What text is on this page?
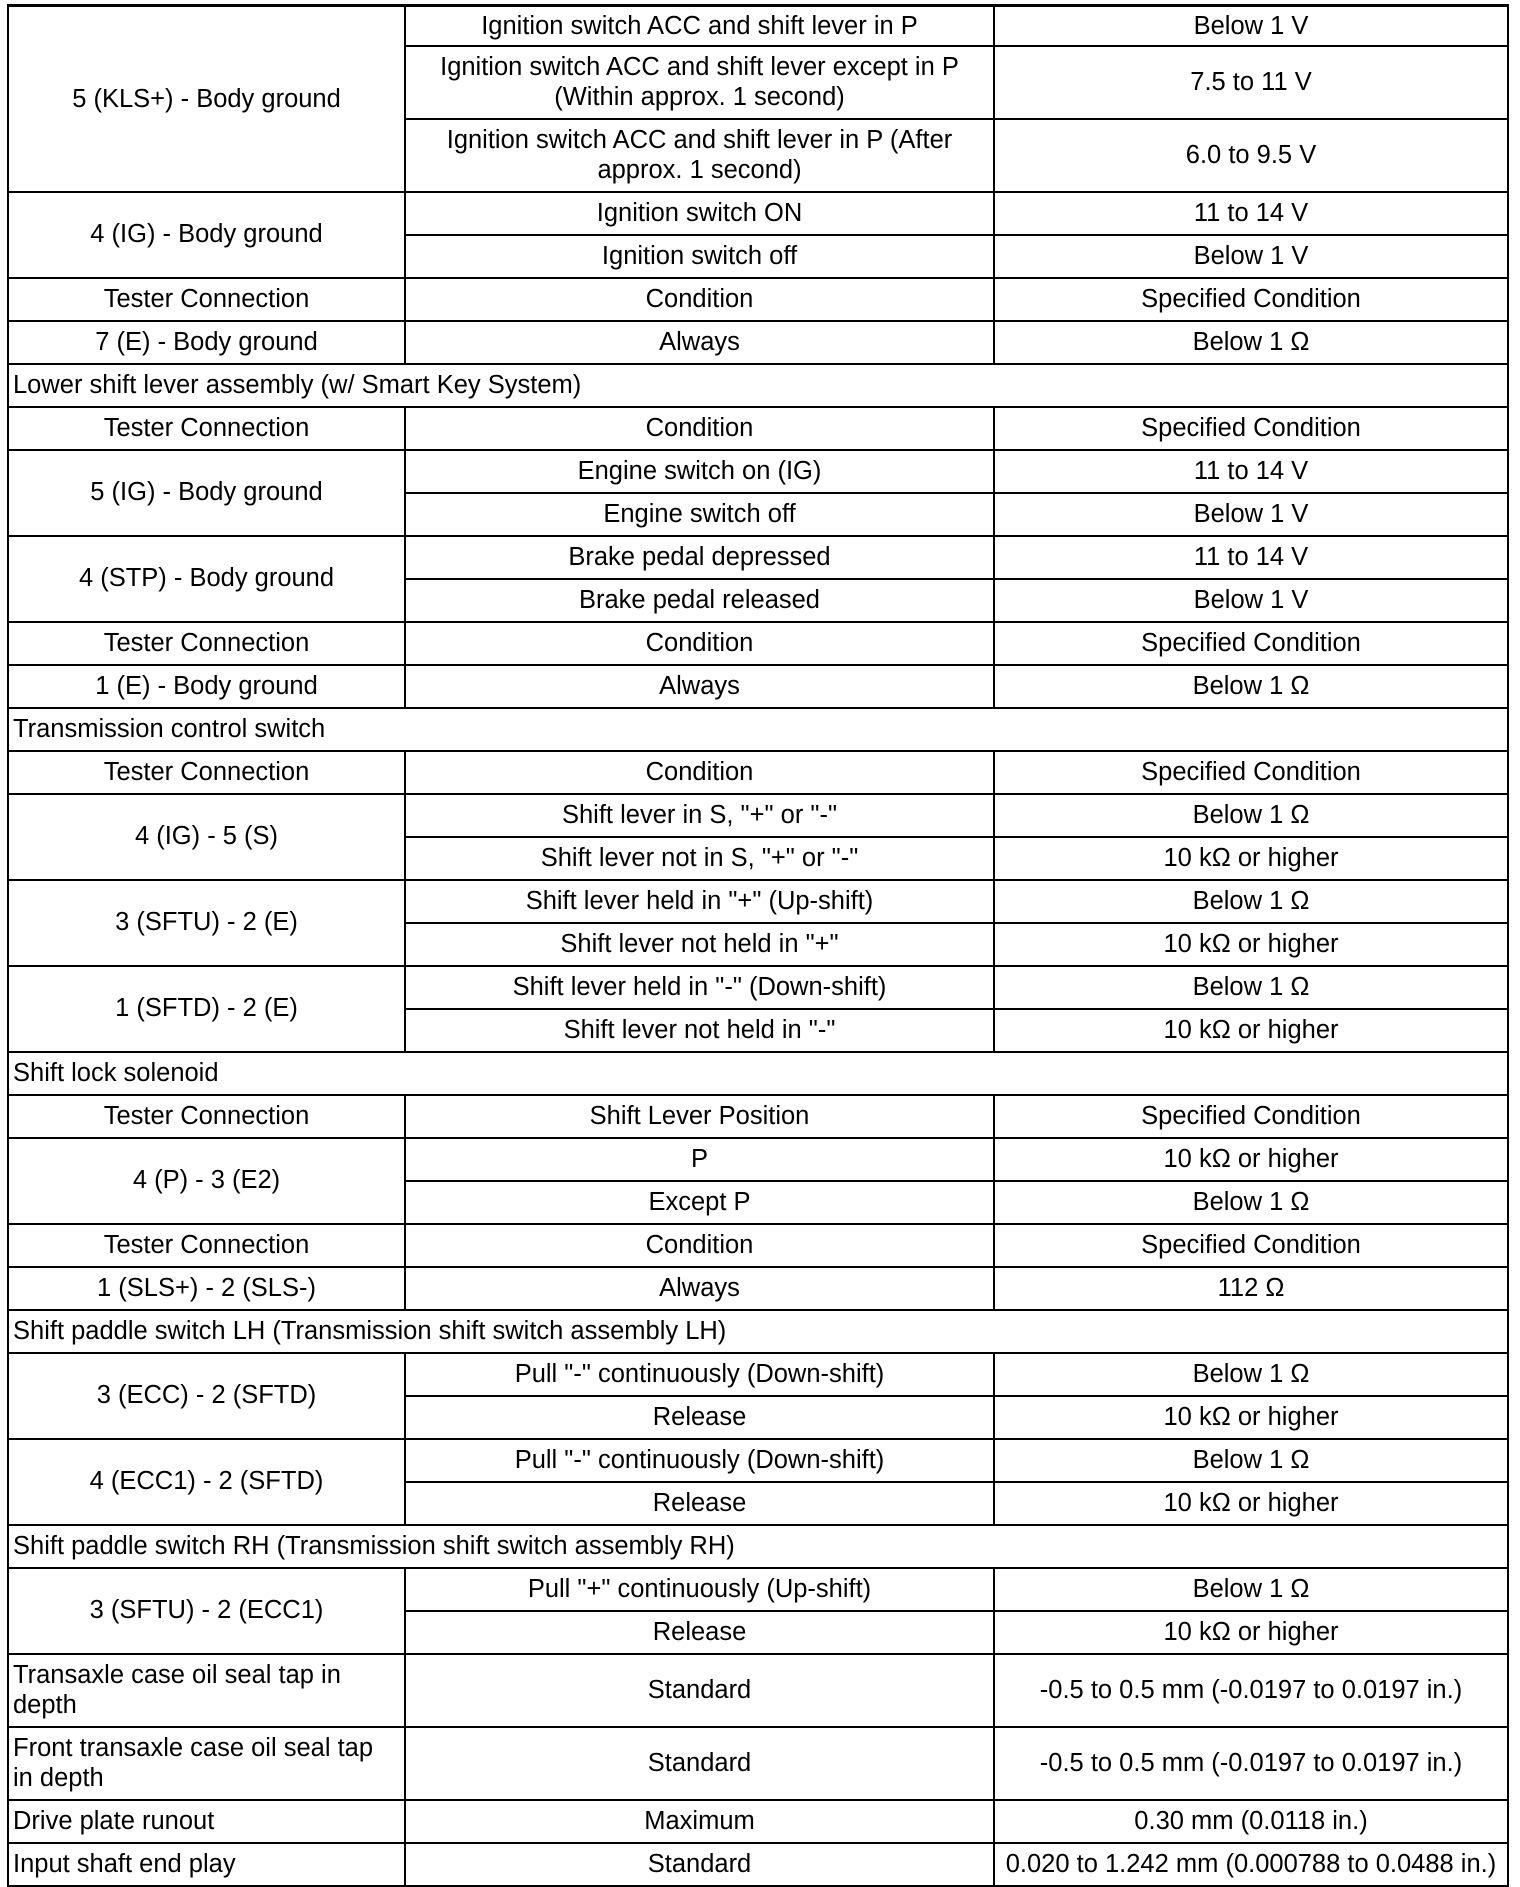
5 (KLS+) - Body ground	Ignition switch ACC and shift lever in P	Below 1 V
	Ignition switch ACC and shift lever except in P (Within approx. 1 second)	7.5 to 11 V
	Ignition switch ACC and shift lever in P (After approx. 1 second)	6.0 to 9.5 V
4 (IG) - Body ground	Ignition switch ON	11 to 14 V
	Ignition switch off	Below 1 V
Tester Connection	Condition	Specified Condition
7 (E) - Body ground	Always	Below 1 Ω
Lower shift lever assembly (w/ Smart Key System)		
Tester Connection	Condition	Specified Condition
5 (IG) - Body ground	Engine switch on (IG)	11 to 14 V
	Engine switch off	Below 1 V
4 (STP) - Body ground	Brake pedal depressed	11 to 14 V
	Brake pedal released	Below 1 V
Tester Connection	Condition	Specified Condition
1 (E) - Body ground	Always	Below 1 Ω
Transmission control switch		
Tester Connection	Condition	Specified Condition
4 (IG) - 5 (S)	Shift lever in S, "+" or "-"	Below 1 Ω
	Shift lever not in S, "+" or "-"	10 kΩ or higher
3 (SFTU) - 2 (E)	Shift lever held in "+" (Up-shift)	Below 1 Ω
	Shift lever not held in "+"	10 kΩ or higher
1 (SFTD) - 2 (E)	Shift lever held in "-" (Down-shift)	Below 1 Ω
	Shift lever not held in "-"	10 kΩ or higher
Shift lock solenoid		
Tester Connection	Shift Lever Position	Specified Condition
4 (P) - 3 (E2)	P	10 kΩ or higher
	Except P	Below 1 Ω
Tester Connection	Condition	Specified Condition
1 (SLS+) - 2 (SLS-)	Always	112 Ω
Shift paddle switch LH (Transmission shift switch assembly LH)		
3 (ECC) - 2 (SFTD)	Pull "-" continuously (Down-shift)	Below 1 Ω
	Release	10 kΩ or higher
4 (ECC1) - 2 (SFTD)	Pull "-" continuously (Down-shift)	Below 1 Ω
	Release	10 kΩ or higher
Shift paddle switch RH (Transmission shift switch assembly RH)		
3 (SFTU) - 2 (ECC1)	Pull "+" continuously (Up-shift)	Below 1 Ω
	Release	10 kΩ or higher
Transaxle case oil seal tap in depth	Standard	-0.5 to 0.5 mm (-0.0197 to 0.0197 in.)
Front transaxle case oil seal tap in depth	Standard	-0.5 to 0.5 mm (-0.0197 to 0.0197 in.)
Drive plate runout	Maximum	0.30 mm (0.0118 in.)
Input shaft end play	Standard	0.020 to 1.242 mm (0.000788 to 0.0488 in.)
